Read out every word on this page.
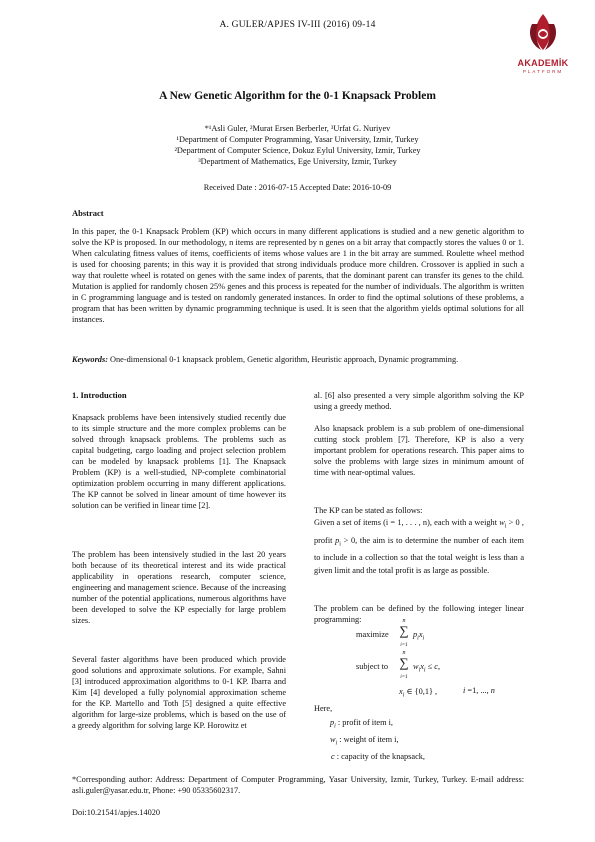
A. GULER/APJES IV-III (2016) 09-14
AKADEMİK
PLATFORM
A New Genetic Algorithm for the 0-1 Knapsack Problem
*¹Asli Guler, ²Murat Ersen Berberler, ³Urfat G. Nuriyev
¹Department of Computer Programming, Yasar University, Izmir, Turkey
²Department of Computer Science, Dokuz Eylul University, Izmir, Turkey
³Department of Mathematics, Ege University, Izmir, Turkey
Received Date : 2016-07-15 Accepted Date: 2016-10-09
Abstract
In this paper, the 0-1 Knapsack Problem (KP) which occurs in many different applications is studied and a new genetic algorithm to solve the KP is proposed. In our methodology, n items are represented by n genes on a bit array that compactly stores the values 0 or 1. When calculating fitness values of items, coefficients of items whose values are 1 in the bit array are summed. Roulette wheel method is used for choosing parents; in this way it is provided that strong individuals produce more children. Crossover is applied in such a way that roulette wheel is rotated on genes with the same index of parents, that the dominant parent can transfer its genes to the child. Mutation is applied for randomly chosen 25% genes and this process is repeated for the number of individuals. The algorithm is written in C programming language and is tested on randomly generated instances. In order to find the optimal solutions of these problems, a program that has been written by dynamic programming technique is used. It is seen that the algorithm yields optimal solutions for all instances.
Keywords: One-dimensional 0-1 knapsack problem, Genetic algorithm, Heuristic approach, Dynamic programming.
1. Introduction
Knapsack problems have been intensively studied recently due to its simple structure and the more complex problems can be solved through knapsack problems. The problems such as capital budgeting, cargo loading and project selection problem can be modeled by knapsack problems [1]. The Knapsack Problem (KP) is a well-studied, NP-complete combinatorial optimization problem occurring in many different applications. The KP cannot be solved in linear amount of time however its solution can be verified in linear time [2].
The problem has been intensively studied in the last 20 years both because of its theoretical interest and its wide practical applicability in operations research, computer science, engineering and management science. Because of the increasing number of the potential applications, numerous algorithms have been developed to solve the KP especially for large problem sizes.
Several faster algorithms have been produced which provide good solutions and approximate solutions. For example, Sahni [3] introduced approximation algorithms to 0-1 KP. Ibarra and Kim [4] developed a fully polynomial approximation scheme for the KP. Martello and Toth [5] designed a quite effective algorithm for large-size problems, which is based on the use of a greedy algorithm for solving large KP. Horowitz et
al. [6] also presented a very simple algorithm solving the KP using a greedy method.
Also knapsack problem is a sub problem of one-dimensional cutting stock problem [7]. Therefore, KP is also a very important problem for operations research. This paper aims to solve the problems with large sizes in minimum amount of time with near-optimal values.
The KP can be stated as follows:
Given a set of items (i = 1, . . . , n), each with a weight $w_i > 0$ , profit $p_i > 0$, the aim is to determine the number of each item to include in a collection so that the total weight is less than a given limit and the total profit is as large as possible.
The problem can be defined by the following integer linear programming:
maximize
n
∑
i=1
$p_ix_i$
subject to
n
∑
i=1
$w_ix_i \le c$,
$x_i$ ∈ {0,1} ,	i =1, ..., n
Here,
$p_i$ : profit of item i,
$w_i$ : weight of item i,
c : capacity of the knapsack,
*Corresponding author: Address: Department of Computer Programming, Yasar University, Izmir, Turkey, Turkey. E-mail address: asli.guler@yasar.edu.tr, Phone: +90 05335602317.
Doi:10.21541/apjes.14020
